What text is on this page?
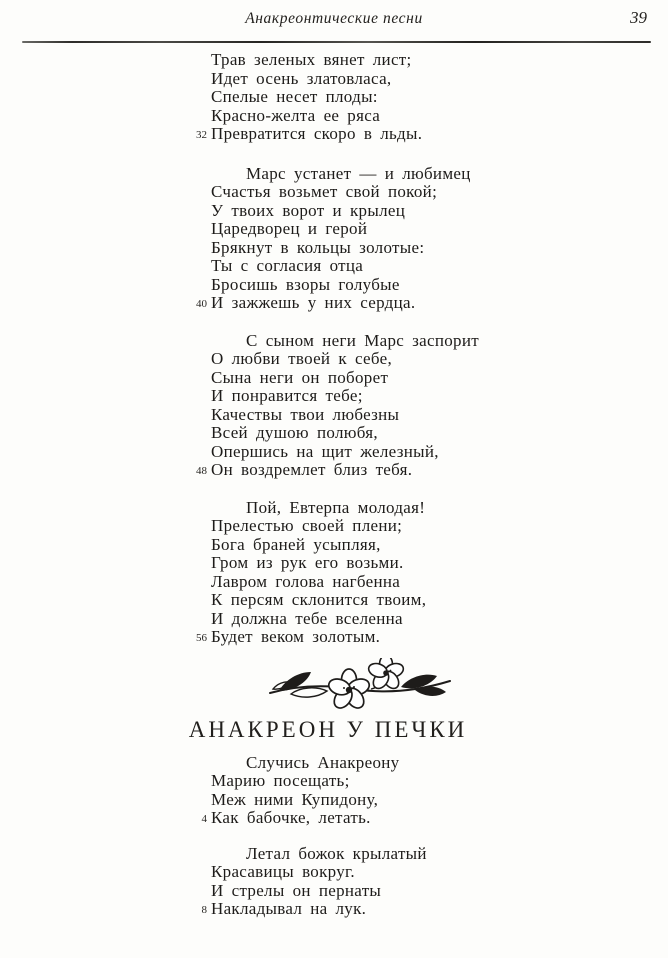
Анакреонтические песни	39
Трав зеленых вянет лист;
Идет осень златовласа,
Спелые несет плоды:
Красно-желта ее ряса
32 Превратится скоро в льды.
Марс устанет — и любимец
Счастья возьмет свой покой;
У твоих ворот и крылец
Царедворец и герой
Брякнут в кольцы золотые:
Ты с согласия отца
Бросишь взоры голубые
40 И зажжешь у них сердца.
С сыном неги Марс заспорит
О любви твоей к себе,
Сына неги он поборет
И понравится тебе;
Качествы твои любезны
Всей душою полюбя,
Опершись на щит железный,
48 Он воздремлет близ тебя.
Пой, Евтерпа молодая!
Прелестью своей плени;
Бога браней усыпляя,
Гром из рук его возьми.
Лавром голова нагбенна
К персям склонится твоим,
И должна тебе вселенна
56 Будет веком золотым.
АНАКРЕОН У ПЕЧКИ
Случись Анакреону
Марию посещать;
Меж ними Купидону,
4 Как бабочке, летать.
Летал божок крылатый
Красавицы вокруг.
И стрелы он пернаты
8 Накладывал на лук.
